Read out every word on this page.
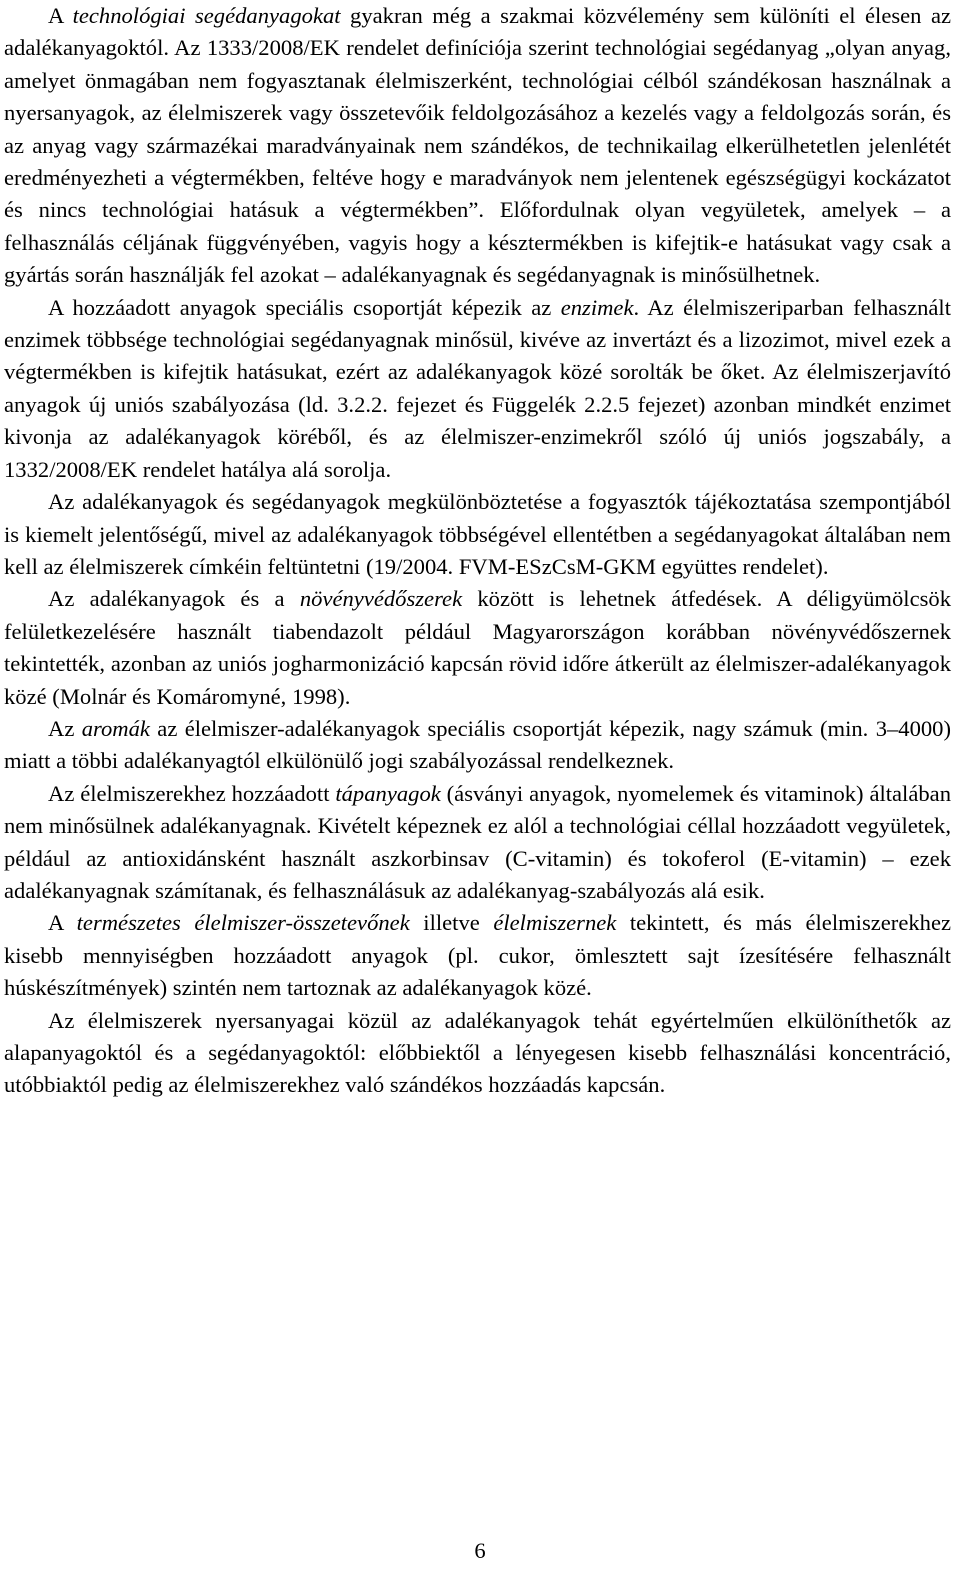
A technológiai segédanyagokat gyakran még a szakmai közvélemény sem különíti el élesen az adalékanyagoktól. Az 1333/2008/EK rendelet definíciója szerint technológiai segédanyag „olyan anyag, amelyet önmagában nem fogyasztanak élelmiszerként, technológiai célból szándékosan használnak a nyersanyagok, az élelmiszerek vagy összetevőik feldolgozásához a kezelés vagy a feldolgozás során, és az anyag vagy származékai maradványainak nem szándékos, de technikailag elkerülhetetlen jelenlétét eredményezheti a végtermékben, feltéve hogy e maradványok nem jelentenek egészségügyi kockázatot és nincs technológiai hatásuk a végtermékben”. Előfordulnak olyan vegyületek, amelyek – a felhasználás céljának függvényében, vagyis hogy a késztermékben is kifejtik-e hatásukat vagy csak a gyártás során használják fel azokat – adalékanyagnak és segédanyagnak is minősülhetnek.

A hozzáadott anyagok speciális csoportját képezik az enzimek. Az élelmiszeriparban felhasznált enzimek többsége technológiai segédanyagnak minősül, kivéve az invertázt és a lizozimot, mivel ezek a végtermékben is kifejtik hatásukat, ezért az adalékanyagok közé sorolták be őket. Az élelmiszerjavító anyagok új uniós szabályozása (ld. 3.2.2. fejezet és Függelék 2.2.5 fejezet) azonban mindkét enzimet kivonja az adalékanyagok köréből, és az élelmiszer-enzimekről szóló új uniós jogszabály, a 1332/2008/EK rendelet hatálya alá sorolja.

Az adalékanyagok és segédanyagok megkülönböztetése a fogyasztók tájékoztatása szempontjából is kiemelt jelentőségű, mivel az adalékanyagok többségével ellentétben a segédanyagokat általában nem kell az élelmiszerek címkéin feltüntetni (19/2004. FVM-ESzCsM-GKM együttes rendelet).

Az adalékanyagok és a növényvédőszerek között is lehetnek átfedések. A déligyümölcsök felületkezelésére használt tiabendazolt például Magyarországon korábban növényvédőszernek tekintették, azonban az uniós jogharmonizáció kapcsán rövid időre átkerült az élelmiszer-adalékanyagok közé (Molnár és Komáromyné, 1998).

Az aromák az élelmiszer-adalékanyagok speciális csoportját képezik, nagy számuk (min. 3–4000) miatt a többi adalékanyagtól elkülönülő jogi szabályozással rendelkeznek.

Az élelmiszerekhez hozzáadott tápanyagok (ásványi anyagok, nyomelemek és vitaminok) általában nem minősülnek adalékanyagnak. Kivételt képeznek ez alól a technológiai céllal hozzáadott vegyületek, például az antioxidánsként használt aszkorbinsav (C-vitamin) és tokoferol (E-vitamin) – ezek adalékanyagnak számítanak, és felhasználásuk az adalékanyag-szabályozás alá esik.

A természetes élelmiszer-összetevőnek illetve élelmiszernek tekintett, és más élelmiszerekhez kisebb mennyiségben hozzáadott anyagok (pl. cukor, ömlesztett sajt ízesítésére felhasznált húskészítmények) szintén nem tartoznak az adalékanyagok közé.

Az élelmiszerek nyersanyagai közül az adalékanyagok tehát egyértelműen elkülöníthetők az alapanyagoktól és a segédanyagoktól: előbbiektől a lényegesen kisebb felhasználási koncentráció, utóbbiaktól pedig az élelmiszerekhez való szándékos hozzáadás kapcsán.

6
